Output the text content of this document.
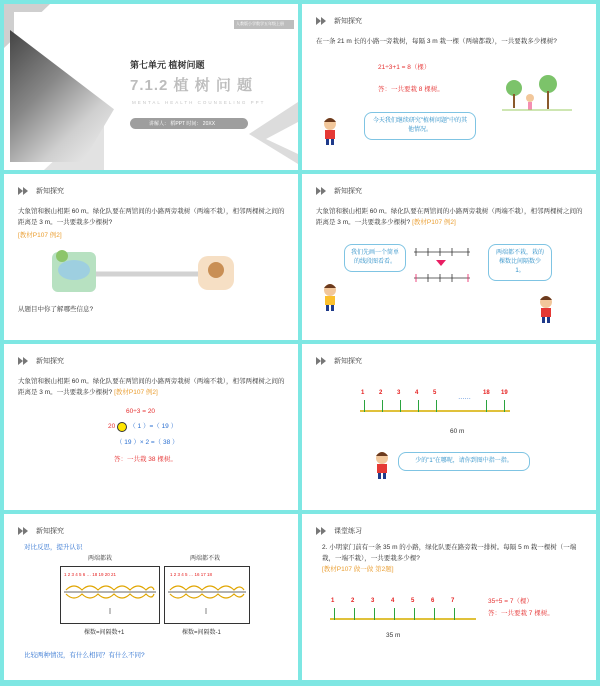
人教版小学数学五年级上册
第七单元 植树问题
7.1.2 植 树 问 题
MENTAL HEALTH COUNSELING PPT
讲解人： 稻PPT 时间： 20XX
新知探究
在一条 21 m 长的小路一旁栽树，每隔 3 m 栽一棵（两端都栽），一共要栽多少棵树?
21÷3+1 = 8（棵）
答：一共要栽 8 棵树。
今天我们继续研究"植树问题"中的其他情况。
新知探究
大象馆和猴山相距 60 m。绿化队要在两馆间的小路两旁栽树（两端不栽），相邻两棵树之间的距离是 3 m。一共要栽多少棵树?
[教材P107 例2]
从题目中你了解哪些信息?
新知探究
大象馆和猴山相距 60 m。绿化队要在两馆间的小路两旁栽树（两端不栽），相邻两棵树之间的距离是 3 m。一共要栽多少棵树? [教材P107 例2]
我们先画一个简单的线段图看看。
两端都不栽，栽的棵数比间隔数少 1。
新知探究
大象馆和猴山相距 60 m。绿化队要在两馆间的小路两旁栽树（两端不栽），相邻两棵树之间的距离是 3 m。一共要栽多少棵树? [教材P107 例2]
60÷3 = 20
20 （ 1 ）=（ 19 ）
（ 19 ）× 2 =（ 38 ）
答：一共栽 38 棵树。
新知探究
1 2 3 4 5	18 19
……
60 m
少的"1"在哪呢，请你到图中指一指。
新知探究
对比反思，提升认识
两端都栽	两端都不栽
1 2 3 4 5 6 … 18 19 20 21	1 2 3 4 5 … 16 17 18
棵数=间隔数+1	棵数=间隔数-1
比较两种情况，有什么相同？有什么不同?
课堂练习
2. 小明家门前有一条 35 m 的小路，绿化队要在路旁栽一排树。每隔 5 m 栽一棵树（一端栽，一端不栽），一共要栽多少棵?
[教材P107 做一做 第2题]
1	2	3	4	5	6	7
35 m
35÷5 = 7（棵）
答：一共要栽 7 棵树。
